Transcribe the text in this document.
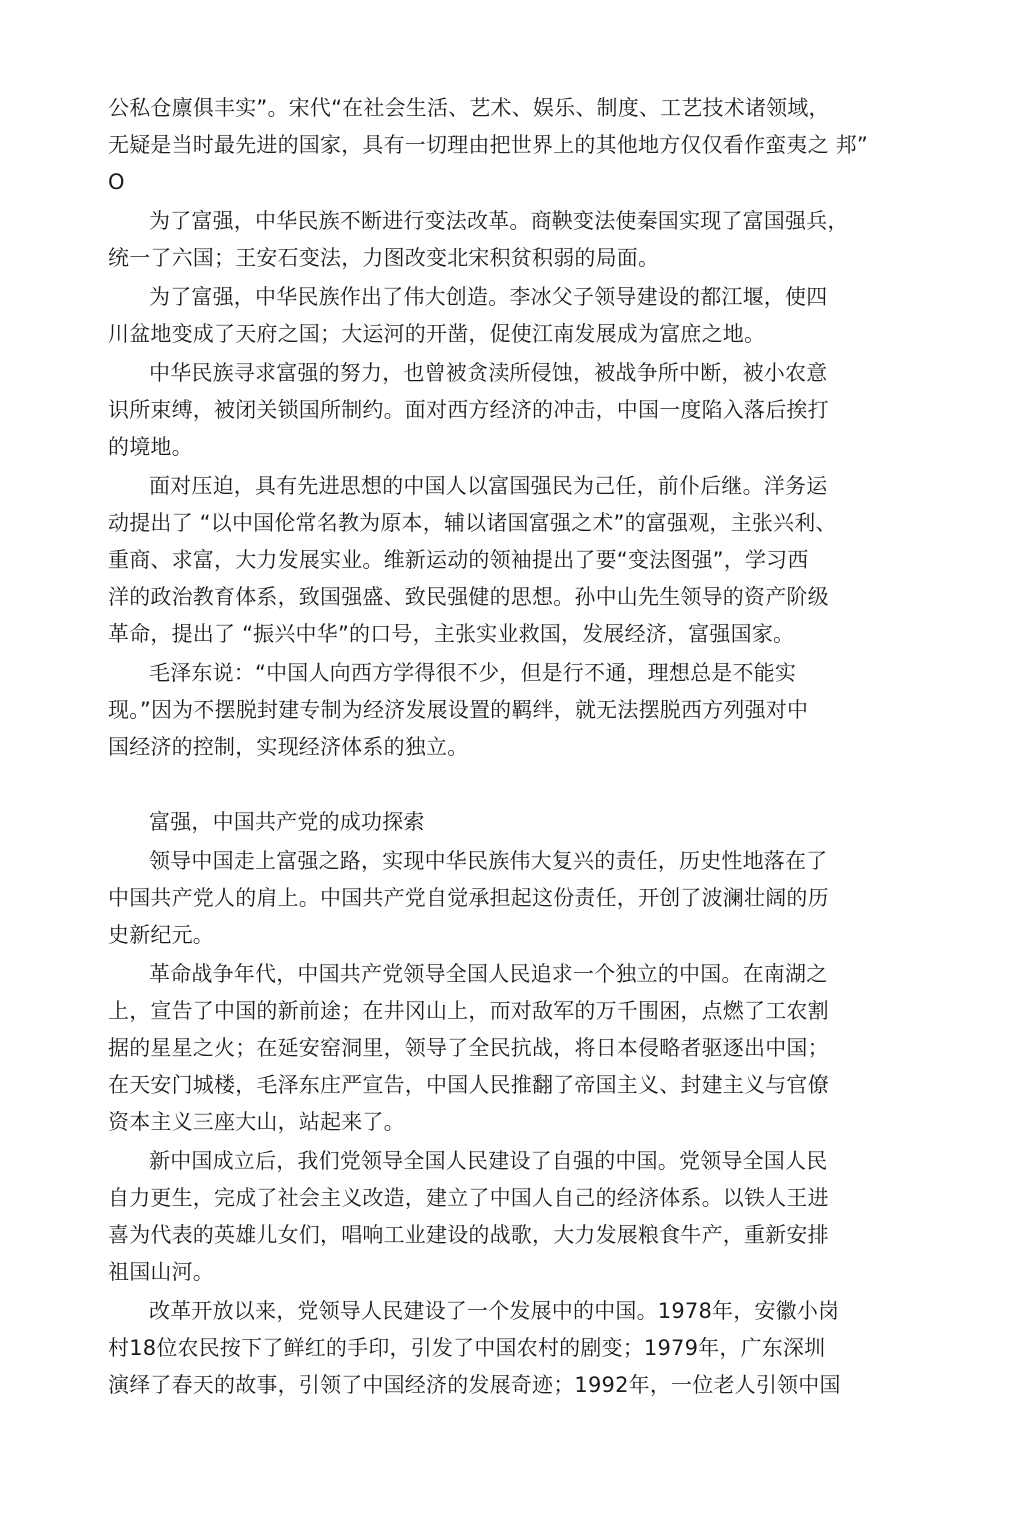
公私仓廪俱丰实”。宋代“在社会生活、艺术、娱乐、制度、工艺技术诸领域，
无疑是当时最先进的国家，具有一切理由把世界上的其他地方仅仅看作蛮夷之 邦”
O
为了富强，中华民族不断进行变法改革。商鞅变法使秦国实现了富国强兵，
统一了六国；王安石变法，力图改变北宋积贫积弱的局面。
为了富强，中华民族作出了伟大创造。李冰父子领导建设的都江堰，使四
川盆地变成了天府之国；大运河的开凿，促使江南发展成为富庶之地。
中华民族寻求富强的努力，也曾被贪渎所侵蚀，被战争所中断，被小农意
识所束缚，被闭关锁国所制约。面对西方经济的冲击，中国一度陷入落后挨打
的境地。
面对压迫，具有先进思想的中国人以富国强民为己任，前仆后继。洋务运
动提出了 “以中国伦常名教为原本，辅以诸国富强之术”的富强观，主张兴利、
重商、求富，大力发展实业。维新运动的领袖提出了要“变法图强”，学习西
洋的政治教育体系，致国强盛、致民强健的思想。孙中山先生领导的资产阶级
革命，提出了 “振兴中华”的口号，主张实业救国，发展经济，富强国家。
毛泽东说：“中国人向西方学得很不少，但是行不通，理想总是不能实
现。”因为不摆脱封建专制为经济发展设置的羁绊，就无法摆脱西方列强对中
国经济的控制，实现经济体系的独立。
富强，中国共产党的成功探索
领导中国走上富强之路，实现中华民族伟大复兴的责任，历史性地落在了
中国共产党人的肩上。中国共产党自觉承担起这份责任，开创了波澜壮阔的历
史新纪元。
革命战争年代，中国共产党领导全国人民追求一个独立的中国。在南湖之
上，宣告了中国的新前途；在井冈山上，而对敌军的万千围困，点燃了工农割
据的星星之火；在延安窑洞里，领导了全民抗战，将日本侵略者驱逐出中国；
在天安门城楼，毛泽东庄严宣告，中国人民推翻了帝国主义、封建主义与官僚
资本主义三座大山，站起来了。
新中国成立后，我们党领导全国人民建设了自强的中国。党领导全国人民
自力更生，完成了社会主义改造，建立了中国人自己的经济体系。以铁人王进
喜为代表的英雄儿女们，唱响工业建设的战歌，大力发展粮食牛产，重新安排
祖国山河。
改革开放以来，党领导人民建设了一个发展中的中国。1978年，安徽小岗
村18位农民按下了鲜红的手印，引发了中国农村的剧变；1979年，广东深圳
演绎了春天的故事，引领了中国经济的发展奇迹；1992年，一位老人引领中国
